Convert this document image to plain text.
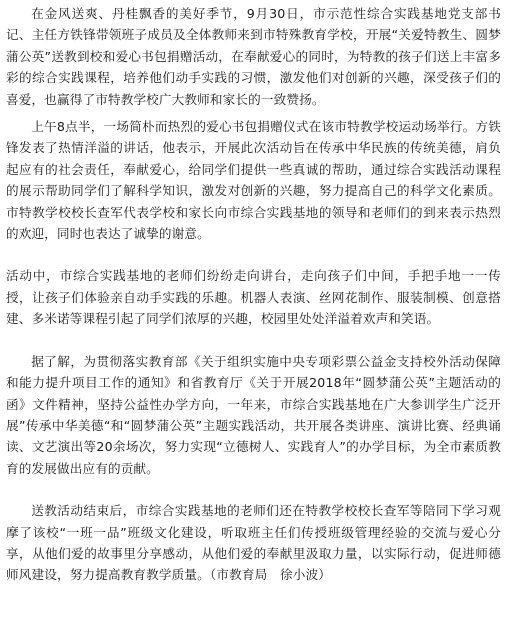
在金风送爽、丹桂飘香的美好季节，9月30日，市示范性综合实践基地党支部书记、主任方铁锋带领班子成员及全体教师来到市特殊教育学校，开展“关爱特教生、圆梦蒲公英”送教到校和爱心书包捐赠活动，在奉献爱心的同时，为特教的孩子们送上丰富多彩的综合实践课程，培养他们动手实践的习惯，激发他们对创新的兴趣，深受孩子们的喜爱，也赢得了市特教学校广大教师和家长的一致赞扬。

上午8点半，一场简朴而热烈的爱心书包捐赠仪式在该市特教学校运动场举行。方铁锋发表了热情洋溢的讲话，他表示，开展此次活动旨在传承中华民族的传统美德，肩负起应有的社会责任，奉献爱心，给同学们提供一些真诚的帮助，通过综合实践活动课程的展示帮助同学们了解科学知识，激发对创新的兴趣，努力提高自己的科学文化素质。市特教学校校长查军代表学校和家长向市综合实践基地的领导和老师们的到来表示热烈的欢迎，同时也表达了诚挚的谢意。

活动中，市综合实践基地的老师们纷纷走向讲台，走向孩子们中间，手把手地一一传授，让孩子们体验亲自动手实践的乐趣。机器人表演、丝网花制作、服装制模、创意搭建、多米诺等课程引起了同学们浓厚的兴趣，校园里处处洋溢着欢声和笑语。

据了解，为贯彻落实教育部《关于组织实施中央专项彩票公益金支持校外活动保障和能力提升项目工作的通知》和省教育厅《关于开展2018年“圆梦蒲公英”主题活动的函》文件精神，坚持公益性办学方向，一年来，市综合实践基地在广大参训学生广泛开展”传承中华美德“和“圆梦蒲公英”主题实践活动，共开展各类讲座、演讲比赛、经典诵读、文艺演出等20余场次，努力实现“立德树人、实践育人”的办学目标，为全市素质教育的发展做出应有的贡献。

送教活动结束后，市综合实践基地的老师们还在特教学校校长查军等陪同下学习观摩了该校“一班一品”班级文化建设，听取班主任们传授班级管理经验的交流与爱心分享，从他们爱的故事里分享感动，从他们爱的奉献里汲取力量，以实际行动，促进师德师风建设，努力提高教育教学质量。（市教育局　徐小波）
